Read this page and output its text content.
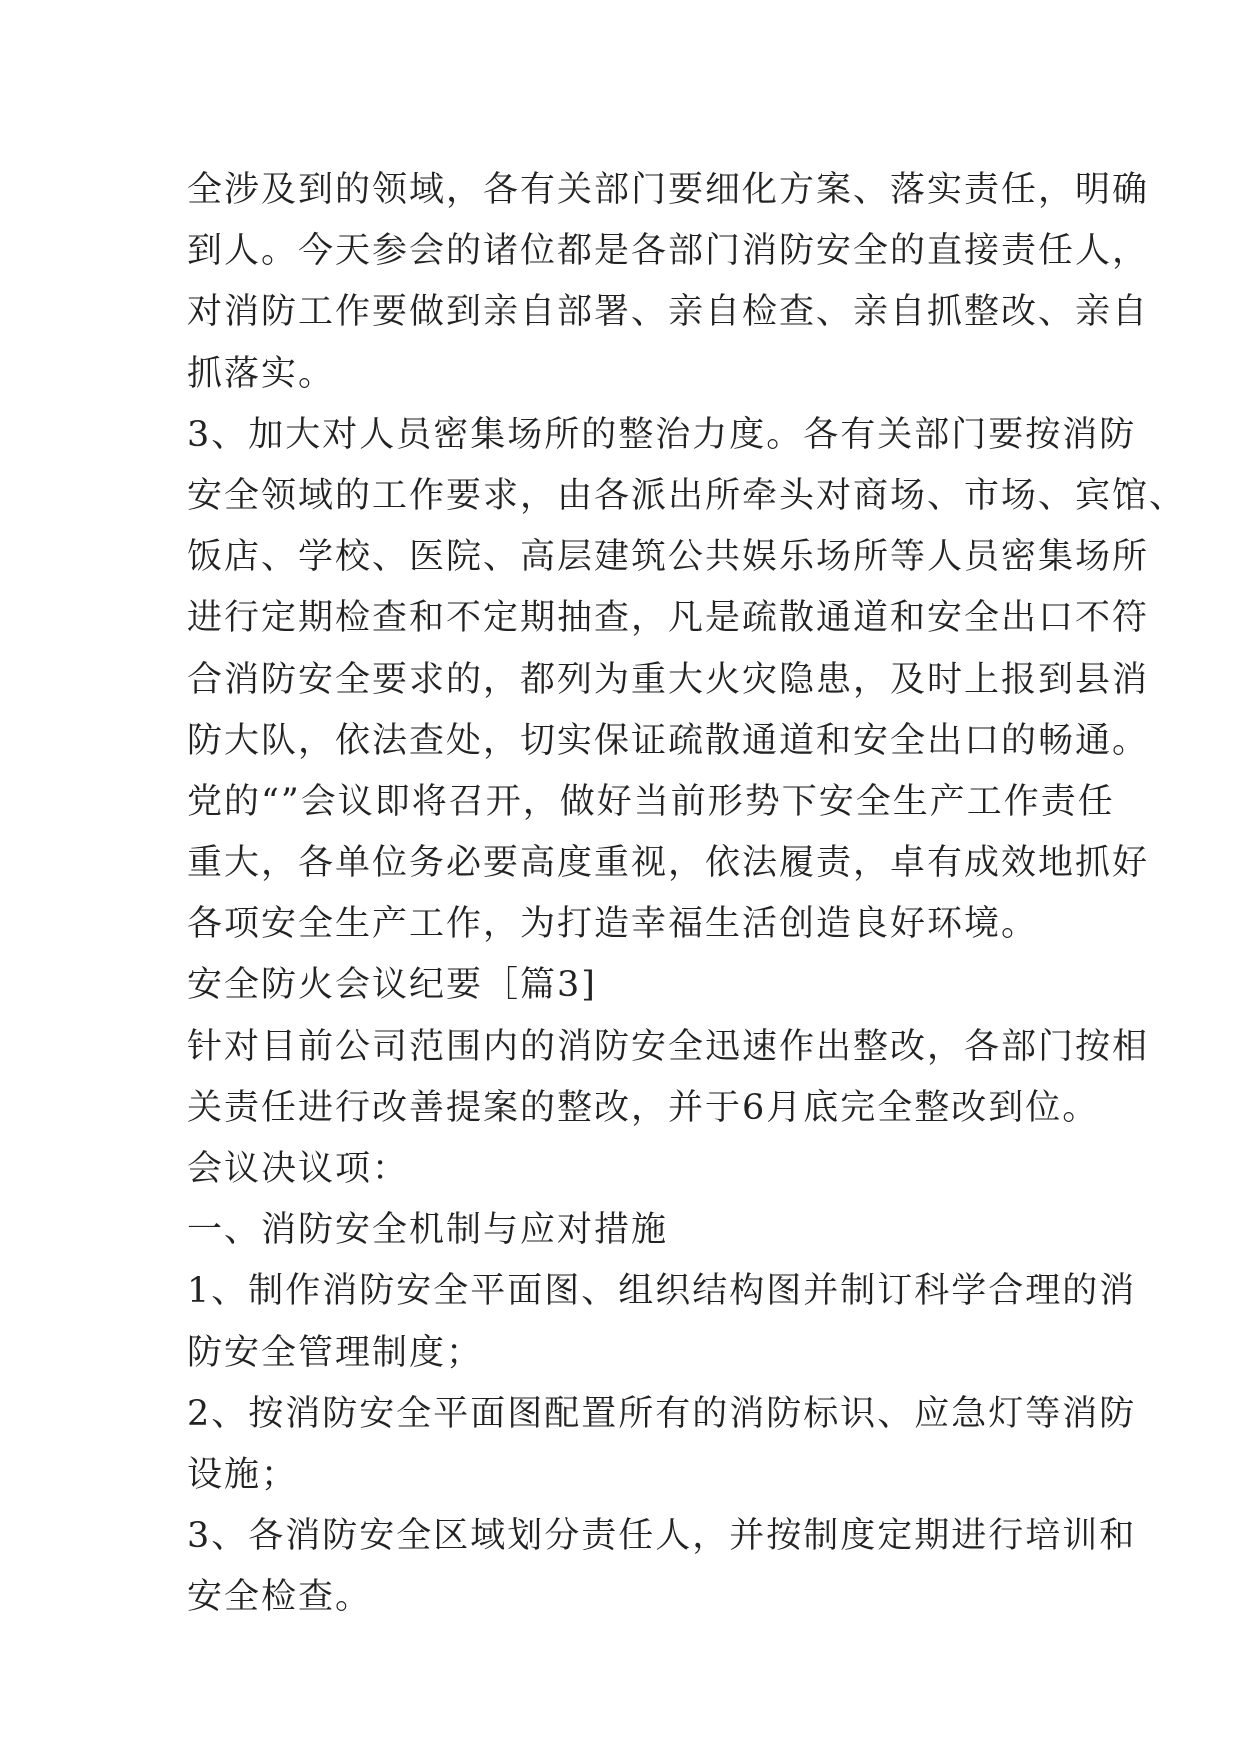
全涉及到的领域，各有关部门要细化方案、落实责任，明确
到人。今天参会的诸位都是各部门消防安全的直接责任人，
对消防工作要做到亲自部署、亲自检查、亲自抓整改、亲自
抓落实。
3、加大对人员密集场所的整治力度。各有关部门要按消防
安全领域的工作要求，由各派出所牵头对商场、市场、宾馆、
饭店、学校、医院、高层建筑公共娱乐场所等人员密集场所
进行定期检查和不定期抽查，凡是疏散通道和安全出口不符
合消防安全要求的，都列为重大火灾隐患，及时上报到县消
防大队，依法查处，切实保证疏散通道和安全出口的畅通。
党的“”会议即将召开，做好当前形势下安全生产工作责任
重大，各单位务必要高度重视，依法履责，卓有成效地抓好
各项安全生产工作，为打造幸福生活创造良好环境。
安全防火会议纪要［篇3]
针对目前公司范围内的消防安全迅速作出整改，各部门按相
关责任进行改善提案的整改，并于6月底完全整改到位。
会议决议项：
一、消防安全机制与应对措施
1、制作消防安全平面图、组织结构图并制订科学合理的消
防安全管理制度；
2、按消防安全平面图配置所有的消防标识、应急灯等消防
设施；
3、各消防安全区域划分责任人，并按制度定期进行培训和
安全检查。
